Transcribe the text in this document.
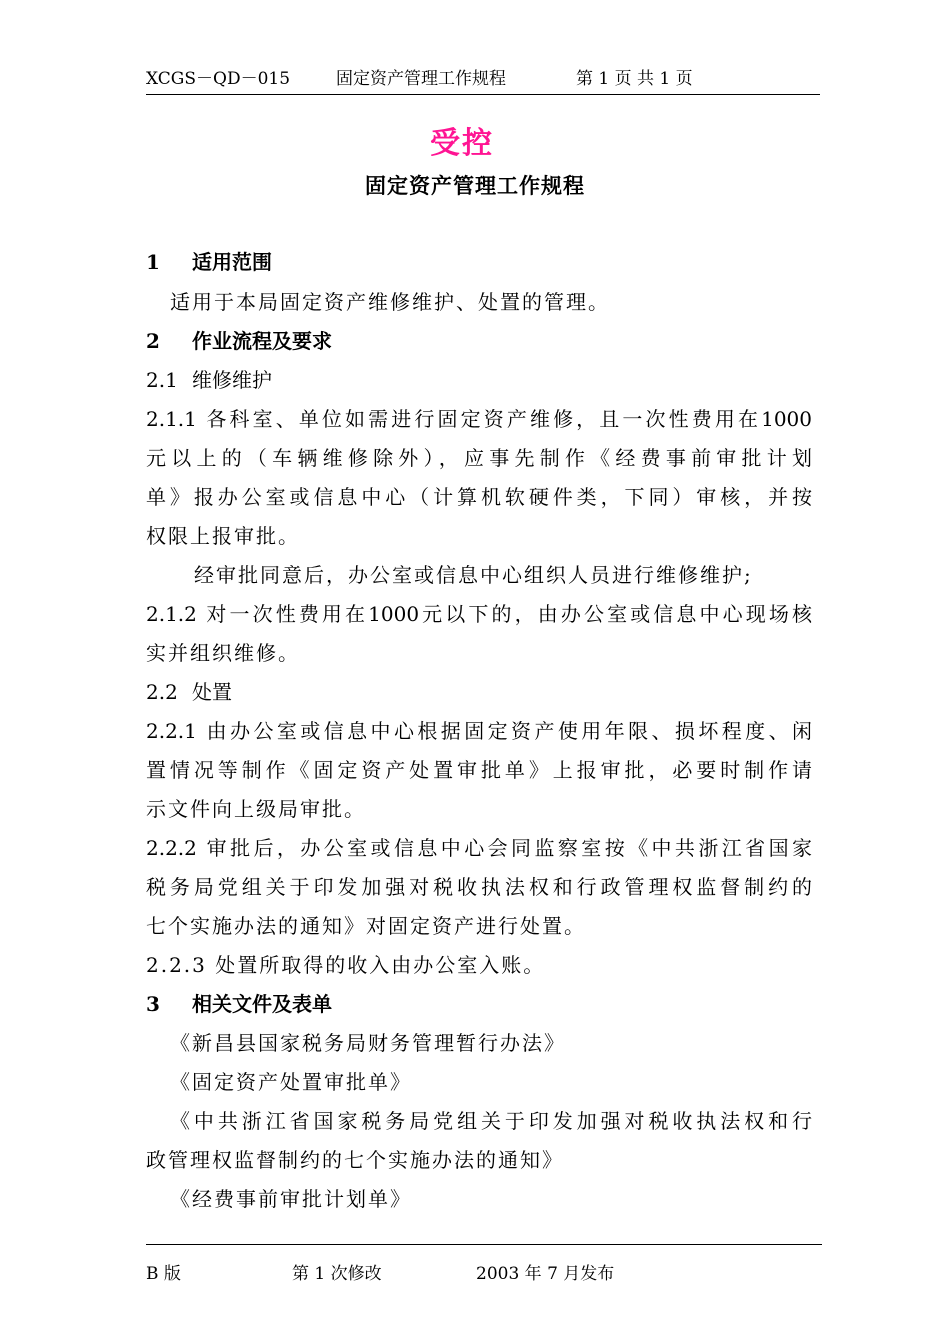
XCGS－QD－015	固定资产管理工作规程	第 1 页 共 1 页
受控
固定资产管理工作规程
1 适用范围
适用于本局固定资产维修维护、处置的管理。
2 作业流程及要求
2.1 维修维护
2.1.1 各科室、单位如需进行固定资产维修，且一次性费用在1000
元以上的（车辆维修除外），应事先制作《经费事前审批计划
单》报办公室或信息中心（计算机软硬件类，下同）审核，并按
权限上报审批。
经审批同意后，办公室或信息中心组织人员进行维修维护;
2.1.2 对一次性费用在1000元以下的，由办公室或信息中心现场核
实并组织维修。
2.2 处置
2.2.1 由办公室或信息中心根据固定资产使用年限、损坏程度、闲
置情况等制作《固定资产处置审批单》上报审批，必要时制作请
示文件向上级局审批。
2.2.2 审批后，办公室或信息中心会同监察室按《中共浙江省国家
税务局党组关于印发加强对税收执法权和行政管理权监督制约的
七个实施办法的通知》对固定资产进行处置。
2.2.3 处置所取得的收入由办公室入账。
3 相关文件及表单
《新昌县国家税务局财务管理暂行办法》
《固定资产处置审批单》
《中共浙江省国家税务局党组关于印发加强对税收执法权和行
政管理权监督制约的七个实施办法的通知》
《经费事前审批计划单》
B 版	第 1 次修改	2003 年 7 月发布
